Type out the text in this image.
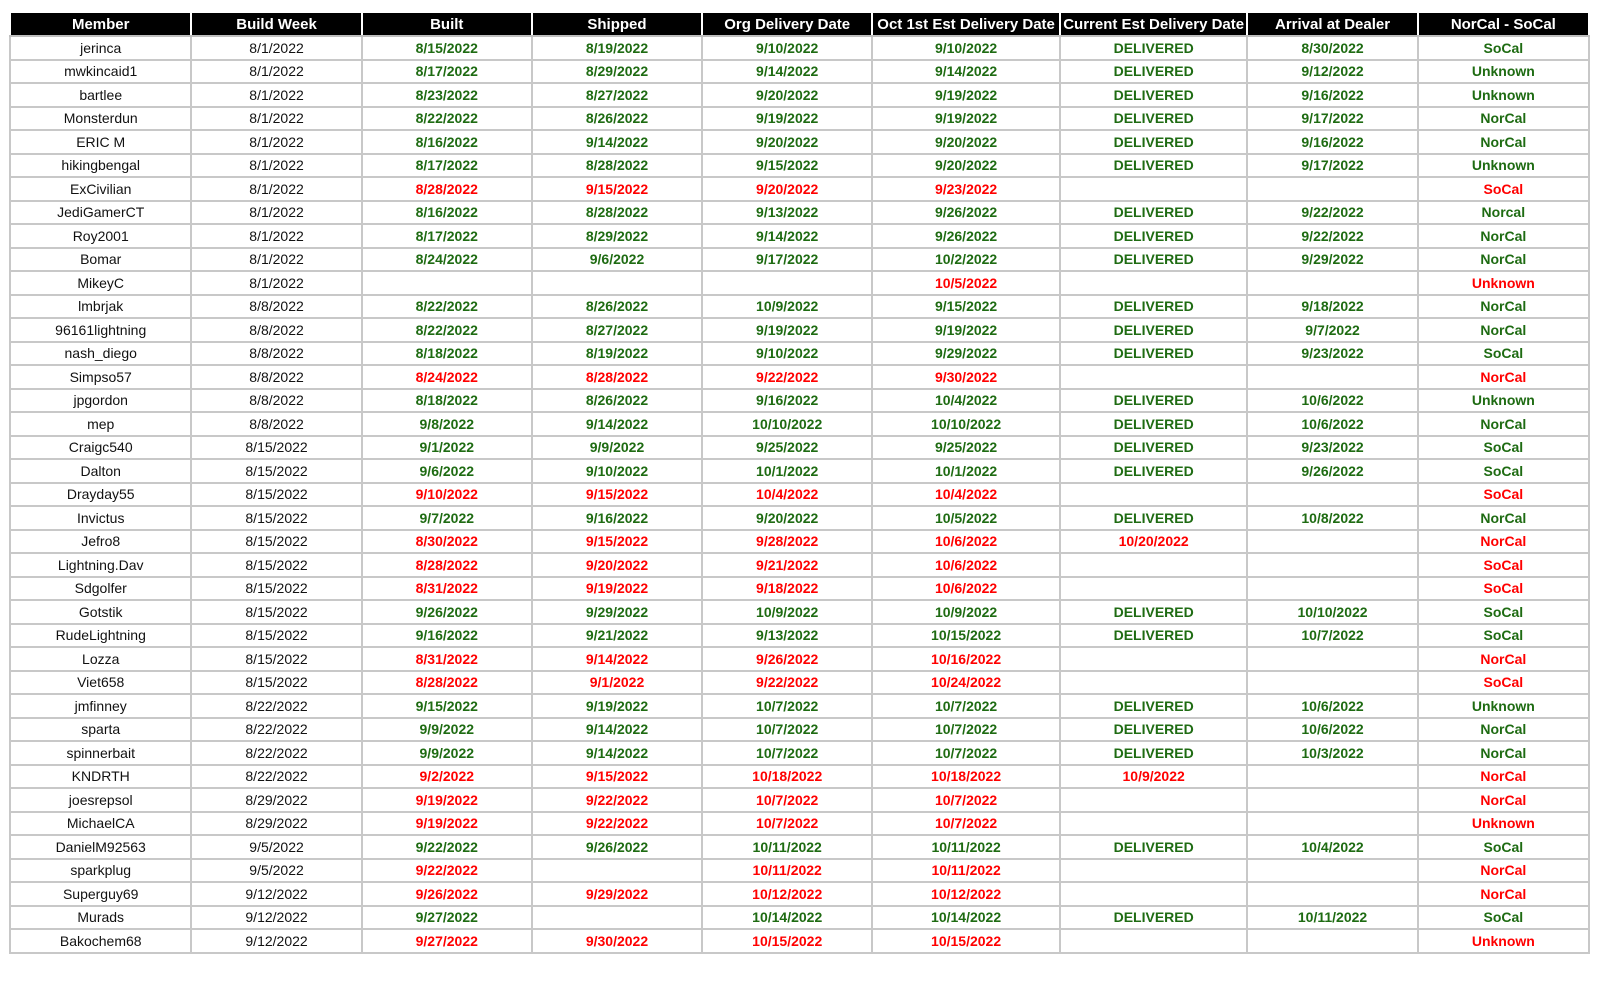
Member	Build Week	Built	Shipped	Org Delivery Date	Oct 1st Est Delivery Date	Current Est Delivery Date	Arrival at Dealer	NorCal - SoCal
jerinca	8/1/2022	8/15/2022	8/19/2022	9/10/2022	9/10/2022	DELIVERED	8/30/2022	SoCal
mwkincaid1	8/1/2022	8/17/2022	8/29/2022	9/14/2022	9/14/2022	DELIVERED	9/12/2022	Unknown
bartlee	8/1/2022	8/23/2022	8/27/2022	9/20/2022	9/19/2022	DELIVERED	9/16/2022	Unknown
Monsterdun	8/1/2022	8/22/2022	8/26/2022	9/19/2022	9/19/2022	DELIVERED	9/17/2022	NorCal
ERIC M	8/1/2022	8/16/2022	9/14/2022	9/20/2022	9/20/2022	DELIVERED	9/16/2022	NorCal
hikingbengal	8/1/2022	8/17/2022	8/28/2022	9/15/2022	9/20/2022	DELIVERED	9/17/2022	Unknown
ExCivilian	8/1/2022	8/28/2022	9/15/2022	9/20/2022	9/23/2022			SoCal
JediGamerCT	8/1/2022	8/16/2022	8/28/2022	9/13/2022	9/26/2022	DELIVERED	9/22/2022	Norcal
Roy2001	8/1/2022	8/17/2022	8/29/2022	9/14/2022	9/26/2022	DELIVERED	9/22/2022	NorCal
Bomar	8/1/2022	8/24/2022	9/6/2022	9/17/2022	10/2/2022	DELIVERED	9/29/2022	NorCal
MikeyC	8/1/2022				10/5/2022			Unknown
lmbrjak	8/8/2022	8/22/2022	8/26/2022	10/9/2022	9/15/2022	DELIVERED	9/18/2022	NorCal
96161lightning	8/8/2022	8/22/2022	8/27/2022	9/19/2022	9/19/2022	DELIVERED	9/7/2022	NorCal
nash_diego	8/8/2022	8/18/2022	8/19/2022	9/10/2022	9/29/2022	DELIVERED	9/23/2022	SoCal
Simpso57	8/8/2022	8/24/2022	8/28/2022	9/22/2022	9/30/2022			NorCal
jpgordon	8/8/2022	8/18/2022	8/26/2022	9/16/2022	10/4/2022	DELIVERED	10/6/2022	Unknown
mep	8/8/2022	9/8/2022	9/14/2022	10/10/2022	10/10/2022	DELIVERED	10/6/2022	NorCal
Craigc540	8/15/2022	9/1/2022	9/9/2022	9/25/2022	9/25/2022	DELIVERED	9/23/2022	SoCal
Dalton	8/15/2022	9/6/2022	9/10/2022	10/1/2022	10/1/2022	DELIVERED	9/26/2022	SoCal
Drayday55	8/15/2022	9/10/2022	9/15/2022	10/4/2022	10/4/2022			SoCal
Invictus	8/15/2022	9/7/2022	9/16/2022	9/20/2022	10/5/2022	DELIVERED	10/8/2022	NorCal
Jefro8	8/15/2022	8/30/2022	9/15/2022	9/28/2022	10/6/2022	10/20/2022		NorCal
Lightning.Dav	8/15/2022	8/28/2022	9/20/2022	9/21/2022	10/6/2022			SoCal
Sdgolfer	8/15/2022	8/31/2022	9/19/2022	9/18/2022	10/6/2022			SoCal
Gotstik	8/15/2022	9/26/2022	9/29/2022	10/9/2022	10/9/2022	DELIVERED	10/10/2022	SoCal
RudeLightning	8/15/2022	9/16/2022	9/21/2022	9/13/2022	10/15/2022	DELIVERED	10/7/2022	SoCal
Lozza	8/15/2022	8/31/2022	9/14/2022	9/26/2022	10/16/2022			NorCal
Viet658	8/15/2022	8/28/2022	9/1/2022	9/22/2022	10/24/2022			SoCal
jmfinney	8/22/2022	9/15/2022	9/19/2022	10/7/2022	10/7/2022	DELIVERED	10/6/2022	Unknown
sparta	8/22/2022	9/9/2022	9/14/2022	10/7/2022	10/7/2022	DELIVERED	10/6/2022	NorCal
spinnerbait	8/22/2022	9/9/2022	9/14/2022	10/7/2022	10/7/2022	DELIVERED	10/3/2022	NorCal
KNDRTH	8/22/2022	9/2/2022	9/15/2022	10/18/2022	10/18/2022	10/9/2022		NorCal
joesrepsol	8/29/2022	9/19/2022	9/22/2022	10/7/2022	10/7/2022			NorCal
MichaelCA	8/29/2022	9/19/2022	9/22/2022	10/7/2022	10/7/2022			Unknown
DanielM92563	9/5/2022	9/22/2022	9/26/2022	10/11/2022	10/11/2022	DELIVERED	10/4/2022	SoCal
sparkplug	9/5/2022	9/22/2022		10/11/2022	10/11/2022			NorCal
Superguy69	9/12/2022	9/26/2022	9/29/2022	10/12/2022	10/12/2022			NorCal
Murads	9/12/2022	9/27/2022		10/14/2022	10/14/2022	DELIVERED	10/11/2022	SoCal
Bakochem68	9/12/2022	9/27/2022	9/30/2022	10/15/2022	10/15/2022			Unknown
